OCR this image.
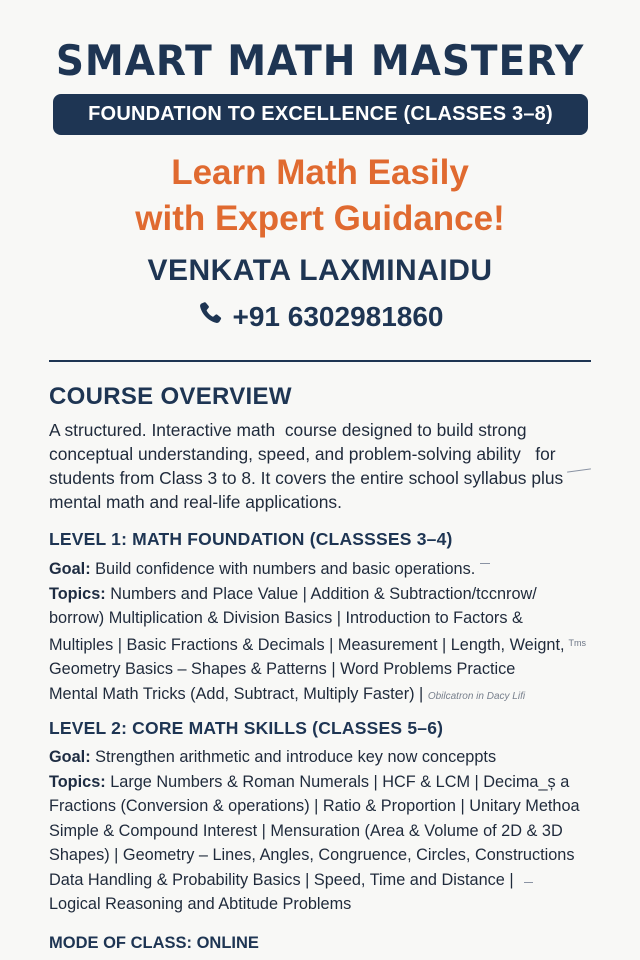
SMART MATH MASTERY
FOUNDATION TO EXCELLENCE (CLASSES 3–8)
Learn Math Easily
with Expert Guidance!
VENKATA LAXMINAIDU
+91 6302981860
COURSE OVERVIEW
A structured. Interactive math  course designed to build strong
conceptual understanding, speed, and problem-solving ability   for
students from Class 3 to 8. It covers the entire school syllabus plus
mental math and real-life applications.
LEVEL 1: MATH FOUNDATION (CLASSSES 3–4)
Goal: Build confidence with numbers and basic operations.
Topics: Numbers and Place Value | Addition & Subtraction/tccnrow/
borrow) Multiplication & Division Basics | Introduction to Factors &
Multiples | Basic Fractions & Decimals | Measurement | Length, Weignt, $^{Tms}$
Geometry Basics – Shapes & Patterns | Word Problems Practice
Mental Math Tricks (Add, Subtract, Multiply Faster) | Obilcatron in Dacy Lifi
LEVEL 2: CORE MATH SKILLS (CLASSES 5–6)
Goal: Strengthen arithmetic and introduce key now conceppts
Topics: Large Numbers & Roman Numerals | HCF & LCM | Decima_ș a
Fractions (Conversion & operations) | Ratio & Proportion | Unitary Methoa
Simple & Compound Interest | Mensuration (Area & Volume of 2D & 3D
Shapes) | Geometry – Lines, Angles, Congruence, Circles, Constructions
Data Handling & Probability Basics | Speed, Time and Distance |
Logical Reasoning and Abtitude Problems
MODE OF CLASS: ONLINE
